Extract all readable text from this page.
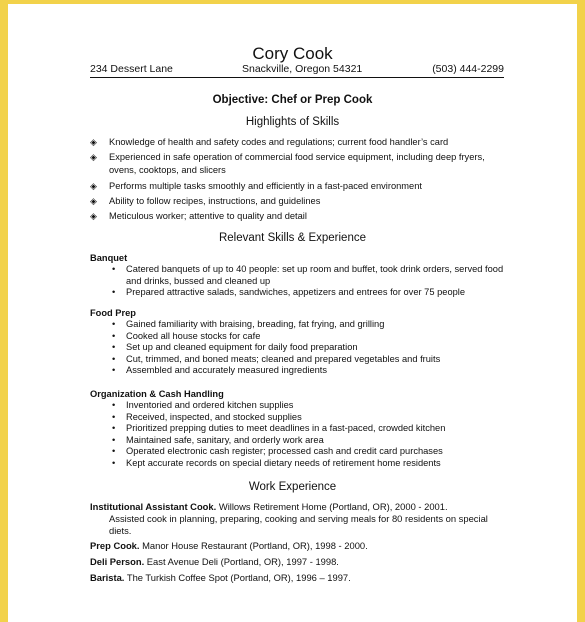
Cory Cook
234 Dessert Lane	Snackville, Oregon 54321	(503) 444-2299
Objective: Chef or Prep Cook
Highlights of Skills
◈ Knowledge of health and safety codes and regulations; current food handler’s card
◈ Experienced in safe operation of commercial food service equipment, including deep fryers, ovens, cooktops, and slicers
◈ Performs multiple tasks smoothly and efficiently in a fast-paced environment
◈ Ability to follow recipes, instructions, and guidelines
◈ Meticulous worker; attentive to quality and detail
Relevant Skills & Experience
Banquet
• Catered banquets of up to 40 people: set up room and buffet, took drink orders, served food and drinks, bussed and cleaned up
• Prepared attractive salads, sandwiches, appetizers and entrees for over 75 people
Food Prep
• Gained familiarity with braising, breading, fat frying, and grilling
• Cooked all house stocks for cafe
• Set up and cleaned equipment for daily food preparation
• Cut, trimmed, and boned meats; cleaned and prepared vegetables and fruits
• Assembled and accurately measured ingredients
Organization & Cash Handling
• Inventoried and ordered kitchen supplies
• Received, inspected, and stocked supplies
• Prioritized prepping duties to meet deadlines in a fast-paced, crowded kitchen
• Maintained safe, sanitary, and orderly work area
• Operated electronic cash register; processed cash and credit card purchases
• Kept accurate records on special dietary needs of retirement home residents
Work Experience
Institutional Assistant Cook. Willows Retirement Home (Portland, OR), 2000 - 2001.
Assisted cook in planning, preparing, cooking and serving meals for 80 residents on special diets.
Prep Cook. Manor House Restaurant (Portland, OR), 1998 - 2000.
Deli Person. East Avenue Deli (Portland, OR), 1997 - 1998.
Barista. The Turkish Coffee Spot (Portland, OR), 1996 – 1997.
